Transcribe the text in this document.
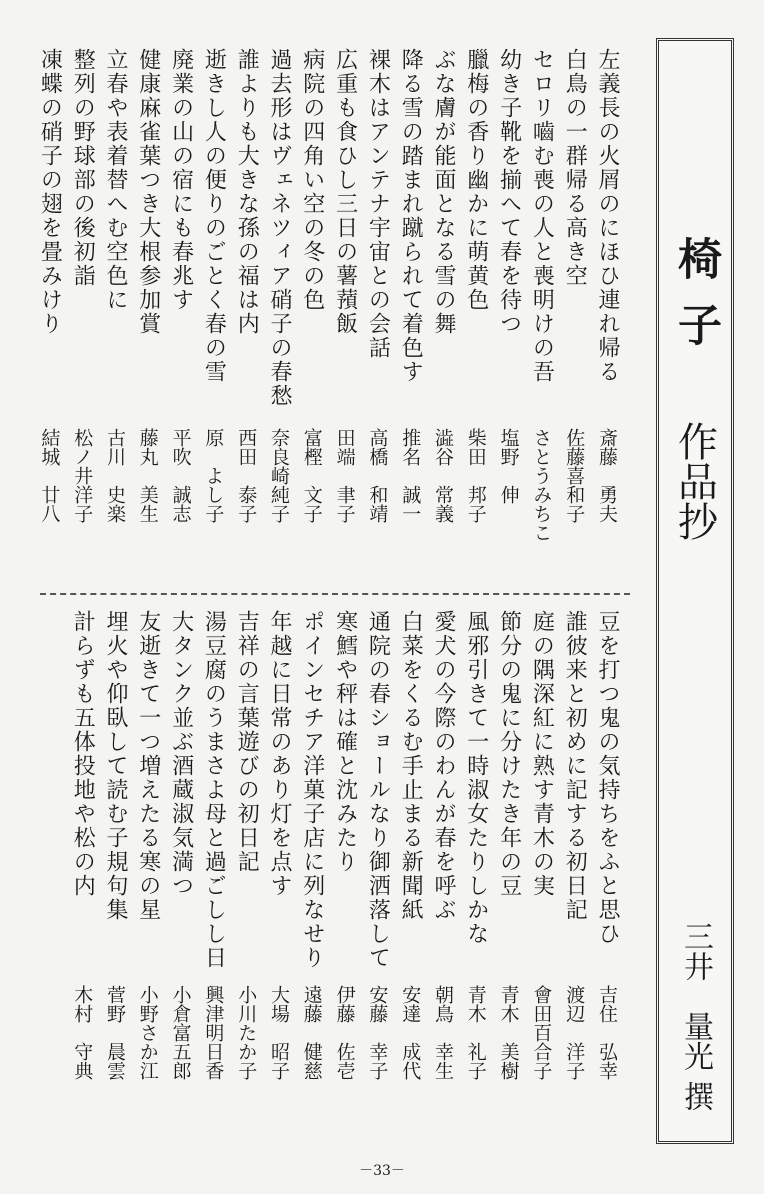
椅子
作品抄
三井　量光
撰
左義長の火屑のにほひ連れ帰る
斎藤　勇夫
白鳥の一群帰る高き空
佐藤喜和子
セロリ嚙む喪の人と喪明けの吾
さとうみちこ
幼き子靴を揃へて春を待つ
塩野　伸
臘梅の香り幽かに萌黄色
柴田　邦子
ぶな膚が能面となる雪の舞
澁谷　常義
降る雪の踏まれ蹴られて着色す
推名　誠一
裸木はアンテナ宇宙との会話
高橋　和靖
広重も食ひし三日の薯蕷飯
田端　聿子
病院の四角い空の冬の色
富樫　文子
過去形はヴェネツィア硝子の春愁
奈良崎純子
誰よりも大きな孫の福は内
西田　泰子
逝きし人の便りのごとく春の雪
原　よし子
廃業の山の宿にも春兆す
平吹　誠志
健康麻雀葉つき大根参加賞
藤丸　美生
立春や表着替へむ空色に
古川　史楽
整列の野球部の後初詣
松ノ井洋子
凍蝶の硝子の翅を畳みけり
結城　廿八
豆を打つ鬼の気持ちをふと思ひ
吉住　弘幸
誰彼来と初めに記する初日記
渡辺　洋子
庭の隅深紅に熟す青木の実
會田百合子
節分の鬼に分けたき年の豆
青木　美樹
風邪引きて一時淑女たりしかな
青木　礼子
愛犬の今際のわんが春を呼ぶ
朝鳥　幸生
白菜をくるむ手止まる新聞紙
安達　成代
通院の春ショールなり御洒落して
安藤　幸子
寒鱈や秤は確と沈みたり
伊藤　佐壱
ポインセチア洋菓子店に列なせり
遠藤　健慈
年越に日常のあり灯を点す
大場　昭子
吉祥の言葉遊びの初日記
小川たか子
湯豆腐のうまさよ母と過ごしし日
興津明日香
大タンク並ぶ酒蔵淑気満つ
小倉富五郎
友逝きて一つ増えたる寒の星
小野さか江
埋火や仰臥して読む子規句集
菅野　晨雲
計らずも五体投地や松の内
木村　守典
－33－
